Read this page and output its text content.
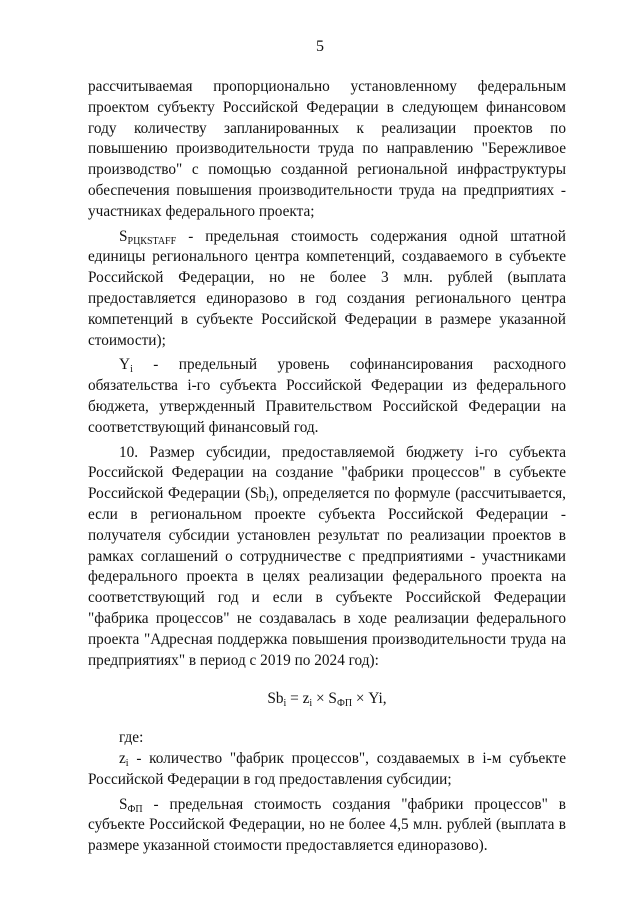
5

рассчитываемая пропорционально установленному федеральным проектом субъекту Российской Федерации в следующем финансовом году количеству запланированных к реализации проектов по повышению производительности труда по направлению "Бережливое производство" с помощью созданной региональной инфраструктуры обеспечения повышения производительности труда на предприятиях - участниках федерального проекта;

$S_{РЦКSTAFF}$ - предельная стоимость содержания одной штатной единицы регионального центра компетенций, создаваемого в субъекте Российской Федерации, но не более 3 млн. рублей (выплата предоставляется единоразово в год создания регионального центра компетенций в субъекте Российской Федерации в размере указанной стоимости);

$Y_i$ - предельный уровень софинансирования расходного обязательства i-го субъекта Российской Федерации из федерального бюджета, утвержденный Правительством Российской Федерации на соответствующий финансовый год.

10. Размер субсидии, предоставляемой бюджету i-го субъекта Российской Федерации на создание "фабрики процессов" в субъекте Российской Федерации $(Sb_i)$, определяется по формуле (рассчитывается, если в региональном проекте субъекта Российской Федерации - получателя субсидии установлен результат по реализации проектов в рамках соглашений о сотрудничестве с предприятиями - участниками федерального проекта в целях реализации федерального проекта на соответствующий год и если в субъекте Российской Федерации "фабрика процессов" не создавалась в ходе реализации федерального проекта "Адресная поддержка повышения производительности труда на предприятиях" в период с 2019 по 2024 год):

$Sb_i = z_i \times S_{ФП} \times Yi$,

где:

$z_i$ - количество "фабрик процессов", создаваемых в i-м субъекте Российской Федерации в год предоставления субсидии;

$S_{ФП}$ - предельная стоимость создания "фабрики процессов" в субъекте Российской Федерации, но не более 4,5 млн. рублей (выплата в размере указанной стоимости предоставляется единоразово).
